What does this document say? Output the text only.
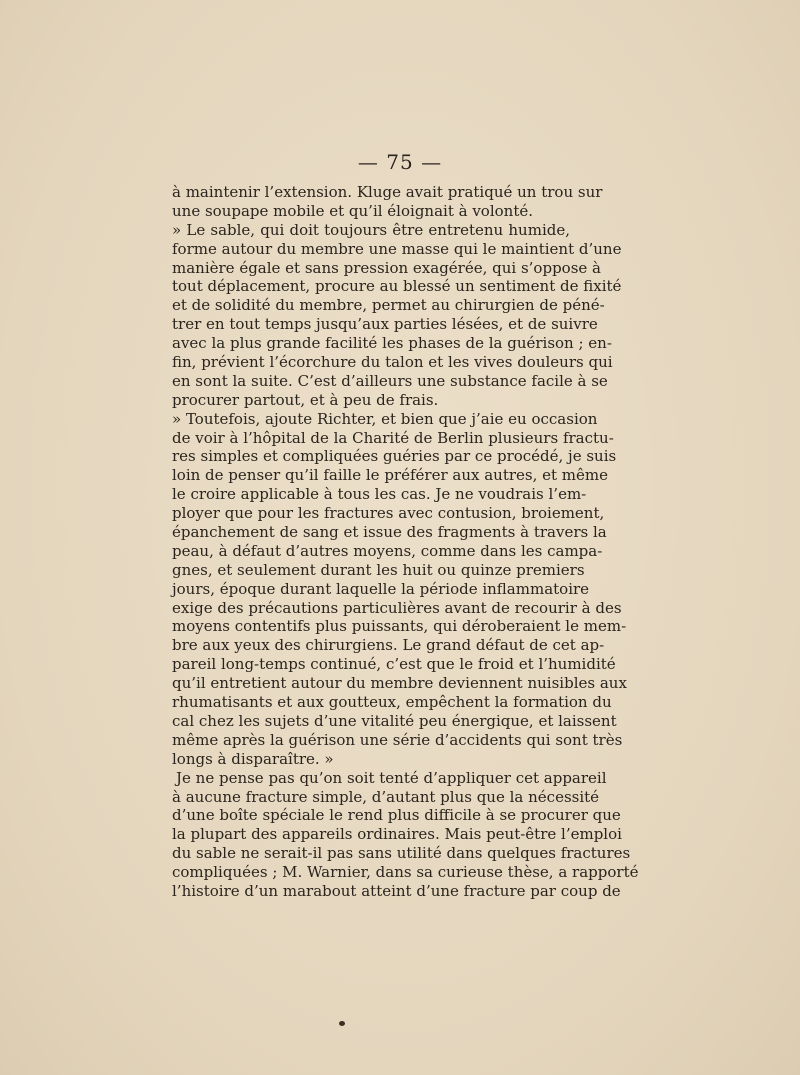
— 75 —
à maintenir l’extension. Kluge avait pratiqué un trou sur
une soupape mobile et qu’il éloignait à volonté.
» Le sable, qui doit toujours être entretenu humide,
forme autour du membre une masse qui le maintient d’une
manière égale et sans pression exagérée, qui s’oppose à
tout déplacement, procure au blessé un sentiment de fixité
et de solidité du membre, permet au chirurgien de péné-
trer en tout temps jusqu’aux parties lésées, et de suivre
avec la plus grande facilité les phases de la guérison ; en-
fin, prévient l’écorchure du talon et les vives douleurs qui
en sont la suite. C’est d’ailleurs une substance facile à se
procurer partout, et à peu de frais.
» Toutefois, ajoute Richter, et bien que j’aie eu occasion
de voir à l’hôpital de la Charité de Berlin plusieurs fractu-
res simples et compliquées guéries par ce procédé, je suis
loin de penser qu’il faille le préférer aux autres, et même
le croire applicable à tous les cas. Je ne voudrais l’em-
ployer que pour les fractures avec contusion, broiement,
épanchement de sang et issue des fragments à travers la
peau, à défaut d’autres moyens, comme dans les campa-
gnes, et seulement durant les huit ou quinze premiers
jours, époque durant laquelle la période inflammatoire
exige des précautions particulières avant de recourir à des
moyens contentifs plus puissants, qui déroberaient le mem-
bre aux yeux des chirurgiens. Le grand défaut de cet ap-
pareil long-temps continué, c’est que le froid et l’humidité
qu’il entretient autour du membre deviennent nuisibles aux
rhumatisants et aux goutteux, empêchent la formation du
cal chez les sujets d’une vitalité peu énergique, et laissent
même après la guérison une série d’accidents qui sont très
longs à disparaître. »
Je ne pense pas qu’on soit tenté d’appliquer cet appareil
à aucune fracture simple, d’autant plus que la nécessité
d’une boîte spéciale le rend plus difficile à se procurer que
la plupart des appareils ordinaires. Mais peut-être l’emploi
du sable ne serait-il pas sans utilité dans quelques fractures
compliquées ; M. Warnier, dans sa curieuse thèse, a rapporté
l’histoire d’un marabout atteint d’une fracture par coup de
